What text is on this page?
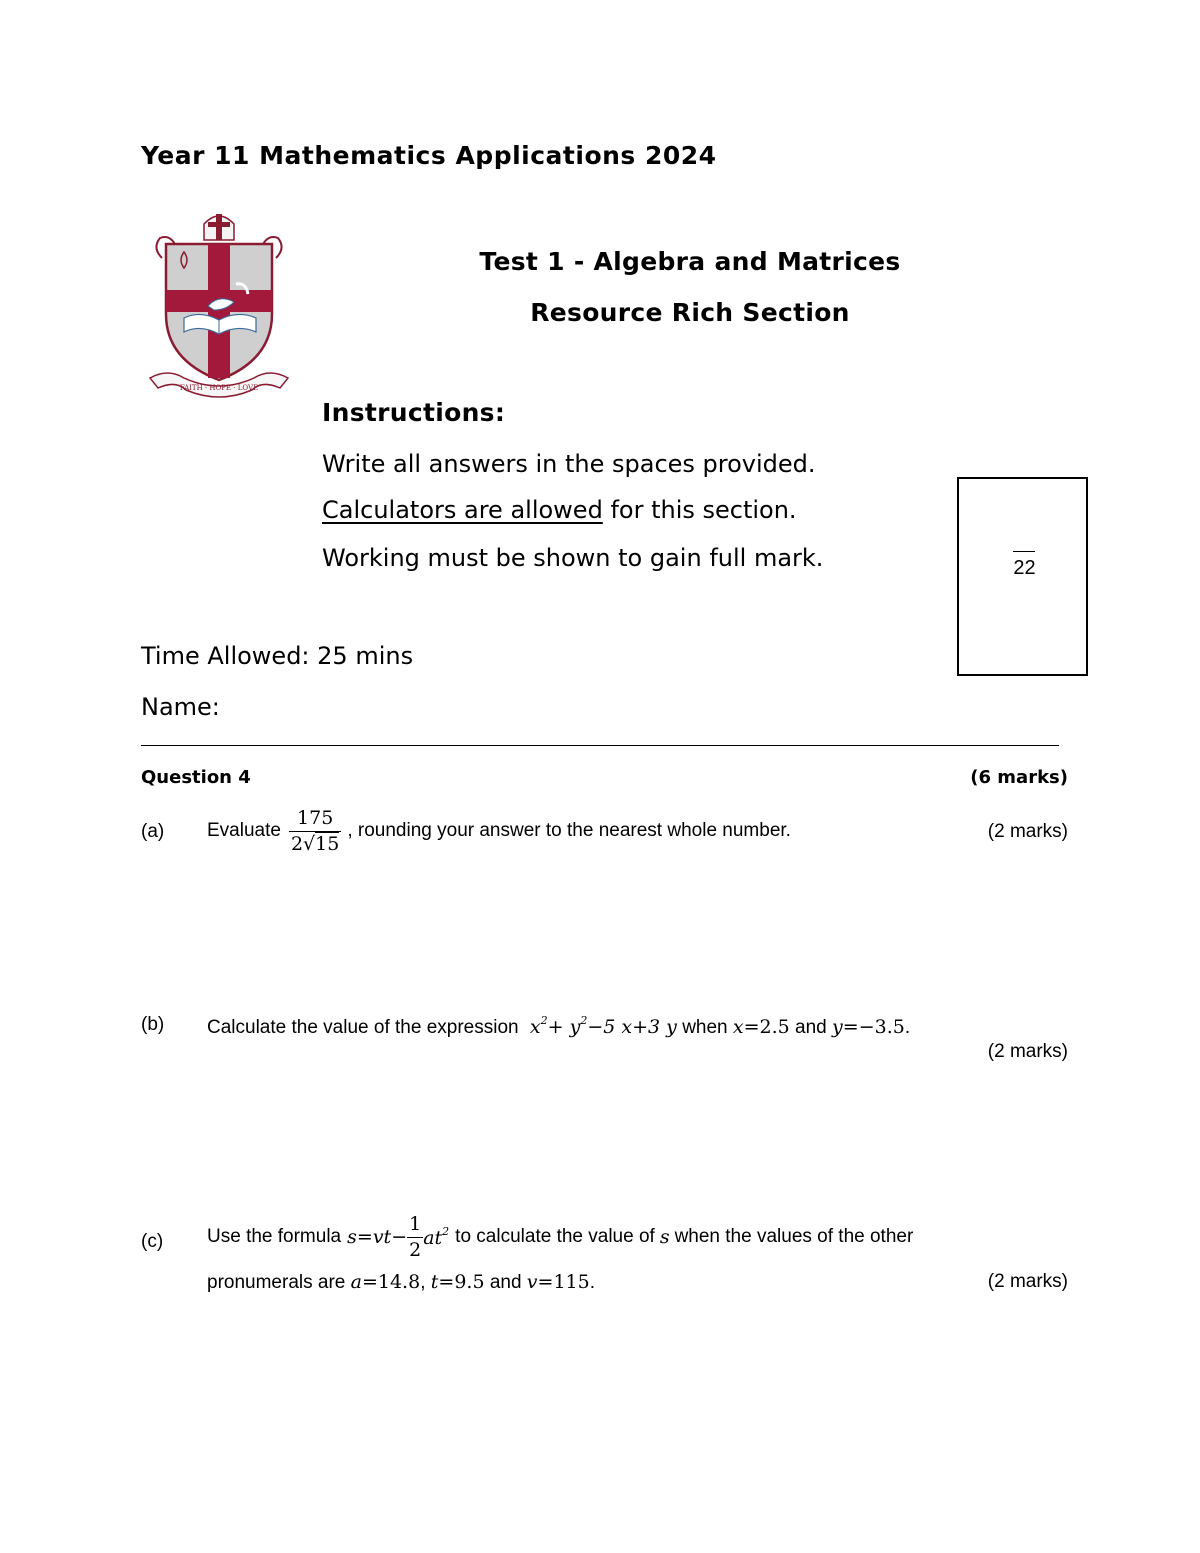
Year 11 Mathematics Applications 2024
FAITH · HOPE · LOVE
Test 1 - Algebra and Matrices
Resource Rich Section
Instructions:
Write all answers in the spaces provided.
Calculators are allowed for this section.
Working must be shown to gain full mark.	22
Time Allowed: 25 mins
Name:
Question 4	(6 marks)
(a) Evaluate $\frac{175}{2√15}$ , rounding your answer to the nearest whole number.	(2 marks)
(b) Calculate the value of the expression  $x^2+ y^2-5$ x+3 y when x=2.5 and y=−3.5.
(2 marks)
(c) Use the formula $s=vt- \frac{1}{2} at^2$ to calculate the value of s when the values of the other
pronumerals are a=14.8, t=9.5 and v=115.	(2 marks)
